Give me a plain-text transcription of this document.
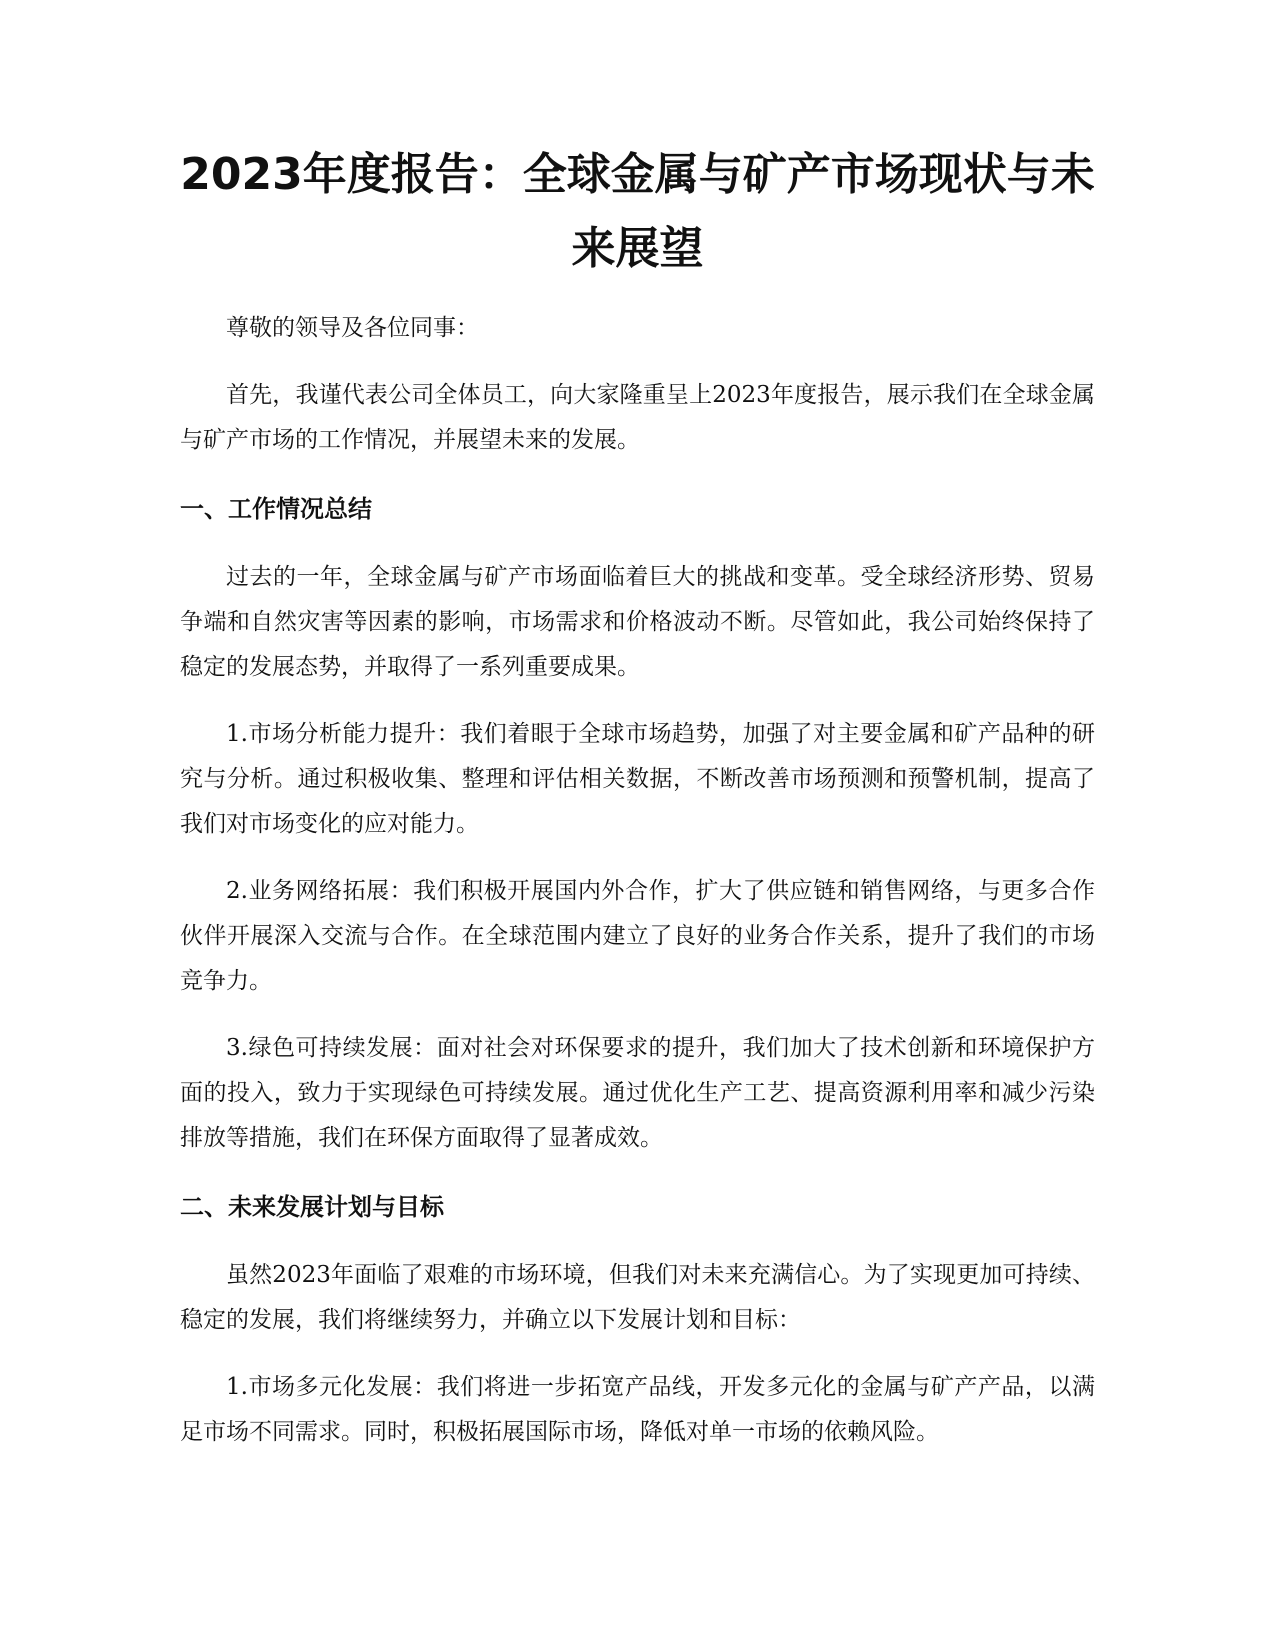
2023年度报告：全球金属与矿产市场现状与未来展望

尊敬的领导及各位同事：

首先，我谨代表公司全体员工，向大家隆重呈上2023年度报告，展示我们在全球金属与矿产市场的工作情况，并展望未来的发展。

一、工作情况总结

过去的一年，全球金属与矿产市场面临着巨大的挑战和变革。受全球经济形势、贸易争端和自然灾害等因素的影响，市场需求和价格波动不断。尽管如此，我公司始终保持了稳定的发展态势，并取得了一系列重要成果。

1.市场分析能力提升：我们着眼于全球市场趋势，加强了对主要金属和矿产品种的研究与分析。通过积极收集、整理和评估相关数据，不断改善市场预测和预警机制，提高了我们对市场变化的应对能力。

2.业务网络拓展：我们积极开展国内外合作，扩大了供应链和销售网络，与更多合作伙伴开展深入交流与合作。在全球范围内建立了良好的业务合作关系，提升了我们的市场竞争力。

3.绿色可持续发展：面对社会对环保要求的提升，我们加大了技术创新和环境保护方面的投入，致力于实现绿色可持续发展。通过优化生产工艺、提高资源利用率和减少污染排放等措施，我们在环保方面取得了显著成效。

二、未来发展计划与目标

虽然2023年面临了艰难的市场环境，但我们对未来充满信心。为了实现更加可持续、稳定的发展，我们将继续努力，并确立以下发展计划和目标：

1.市场多元化发展：我们将进一步拓宽产品线，开发多元化的金属与矿产产品，以满足市场不同需求。同时，积极拓展国际市场，降低对单一市场的依赖风险。
